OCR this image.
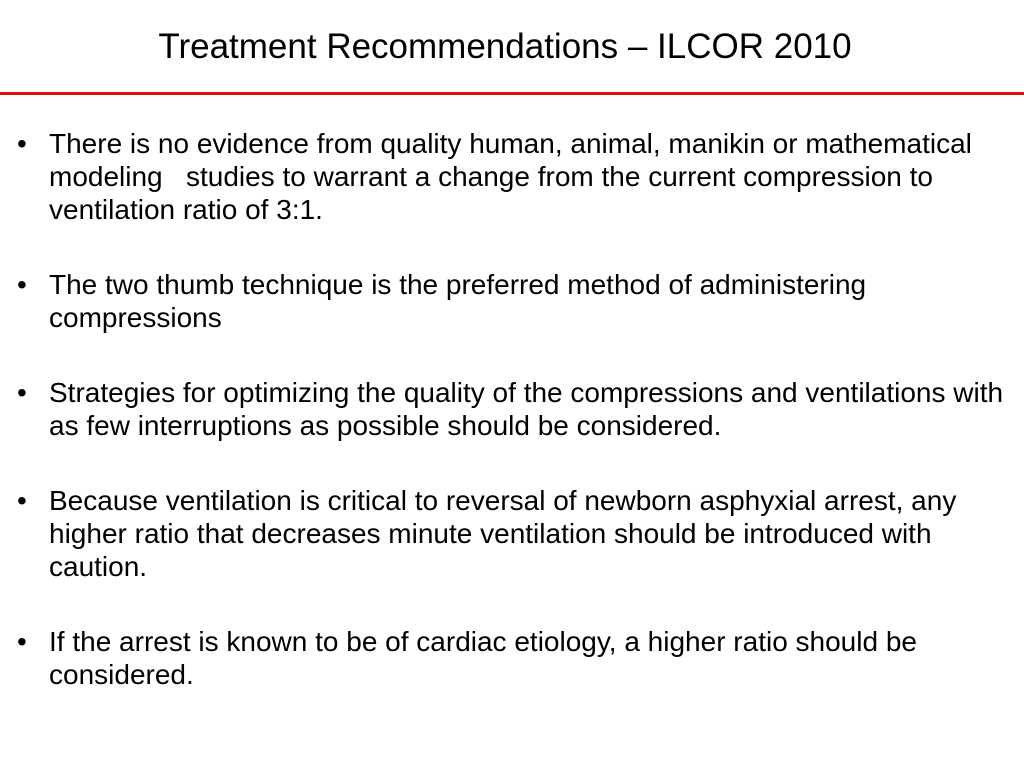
Treatment Recommendations – ILCOR 2010
• There is no evidence from quality human, animal, manikin or mathematical modeling   studies to warrant a change from the current compression to ventilation ratio of 3:1.
• The two thumb technique is the preferred method of administering compressions
• Strategies for optimizing the quality of the compressions and ventilations with as few interruptions as possible should be considered.
• Because ventilation is critical to reversal of newborn asphyxial arrest, any higher ratio that decreases minute ventilation should be introduced with caution.
• If the arrest is known to be of cardiac etiology, a higher ratio should be considered.
